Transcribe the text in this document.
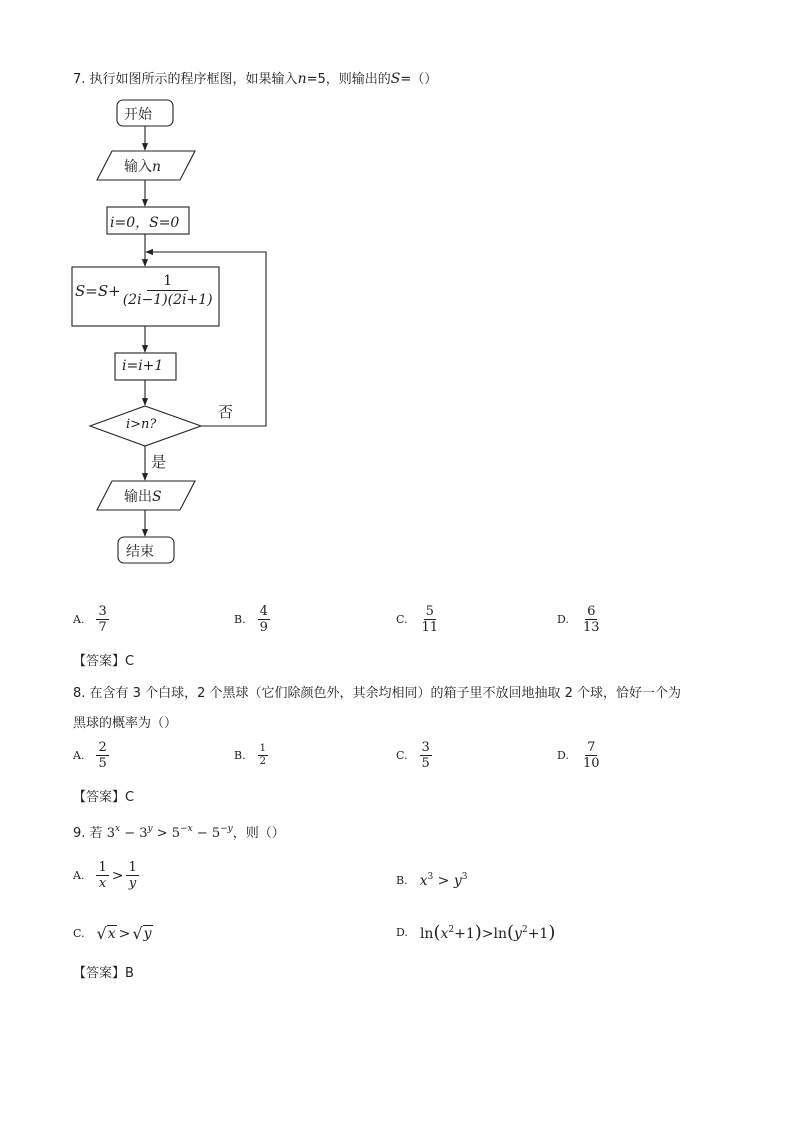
7. 执行如图所示的程序框图，如果输入n=5，则输出的S=（）
开始
输入n
i=0，S=0
$S=S+ \frac{1}{(2i-1)(2i+1)}$
i=i+1
i>n?
否
是
输出S
结束
A. $\frac{3}{7}$	B. $\frac{4}{9}$	C. $\frac{5}{11}$	D. $\frac{6}{13}$
【答案】C
8. 在含有 3 个白球，2 个黑球（它们除颜色外，其余均相同）的箱子里不放回地抽取 2 个球，恰好一个为
黑球的概率为（）
A. $\frac{2}{5}$	B. $\frac{1}{2}$	C. $\frac{3}{5}$	D. $\frac{7}{10}$
【答案】C
9. 若 $3^x - 3^y > 5^{-x} - 5^{-y}$，则（）
A. $\frac{1}{x} > \frac{1}{y}$	B. $x^3 > y^3$
C. √ x > √ y	D. $\ln(x^2+1)>\ln(y^2+1)$
【答案】B
